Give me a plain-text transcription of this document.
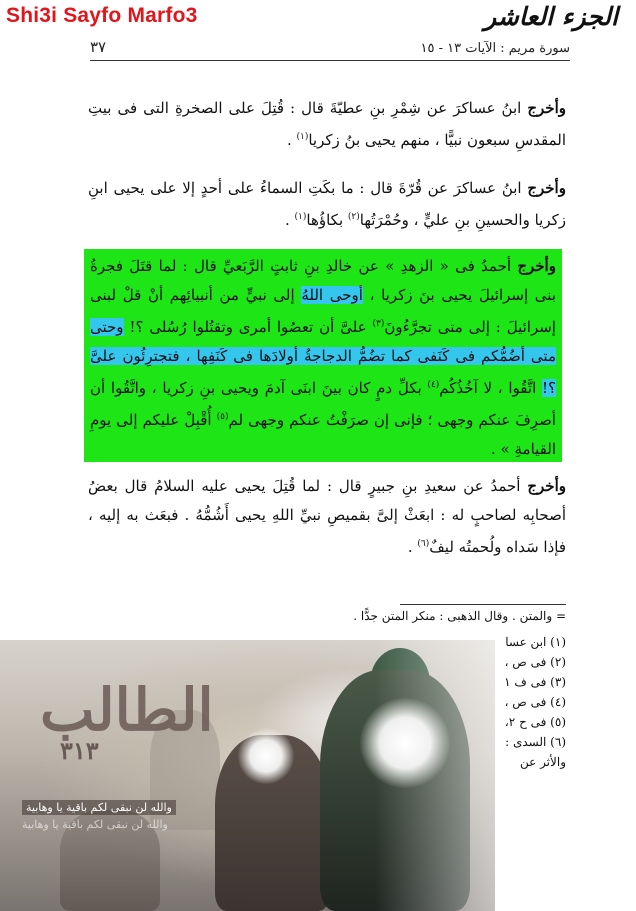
Shi3i Sayfo Marfo3	الجزء العاشر
٣٧	سورة مريم : الآيات ١٣ - ١٥

وأخرج ابنُ عساكرَ عن شِمْرِ بنِ عطيّةَ قال : قُتِلَ على الصخرةِ التى فى بيتِ المقدسِ سبعون نبيًّا ، منهم يحيى بنُ زكريا$^{(١)}$ .

وأخرج ابنُ عساكرَ عن قُرّةَ قال : ما بكَتِ السماءُ على أحدٍ إلا على يحيى ابنِ زكريا والحسينِ بنِ عليٍّ ، وحُمْرَتُها$^{(٢)}$ بكاؤُها$^{(١)}$ .

وأخرج أحمدُ فى « الزهدِ » عن خالدِ بنِ ثابتٍ الرَّبَعيِّ قال : لما قتَلَ فجرةُ بنى إسرائيلَ يحيى بنَ زكريا ، أوحى اللهُ إلى نبيٍّ من أنبيائِهم أنْ قلْ لبنى إسرائيلَ : إلى متى تجرَّءُونَ$^{(٣)}$ علىَّ أن تعصُوا أمرى وتقتُلوا رُسُلى ؟! وحتى متى أضُمُّكم فى كَنَفى كما تضُمُّ الدجاجةُ أولادَها فى كَنَفِها ، فتجترِئُون علىَّ ؟! اتَّقُوا ، لا آخُذُكُم$^{(٤)}$ بكلِّ دمٍ كان بينَ ابنَى آدمَ ويحيى بنِ زكريا ، واتَّقُوا أن أصرِفَ عنكم وجهى ؛ فإنى إن صرَفْتُ عنكم وجهى لم$^{(٥)}$ أُقْبِلْ عليكم إلى يومِ القيامةِ » .

وأخرج أحمدُ عن سعيدِ بنِ جبيرٍ قال : لما قُتِلَ يحيى عليه السلامُ قال بعضُ أصحابِه لصاحبٍ له : ابعَثْ إلىَّ بقميصِ نبيِّ اللهِ يحيى أَشُمُّهُ . فبعَث به إليه ، فإذا سَداه ولُحمتُه ليفٌ$^{(٦)}$ .

= والمتن . وقال الذهبى : منكر المتن جدًّا .
(١) ابن عسا
(٢) فى ص ،
(٣) فى ف ١
(٤) فى ص ،
(٥) فى ح ٢،
(٦) السدى :
والأثر عن
الطالب
٣١٣
والله لن نبقى لكم باقية يا وهابية
والله لن نبقى لكم باقية يا وهابية
